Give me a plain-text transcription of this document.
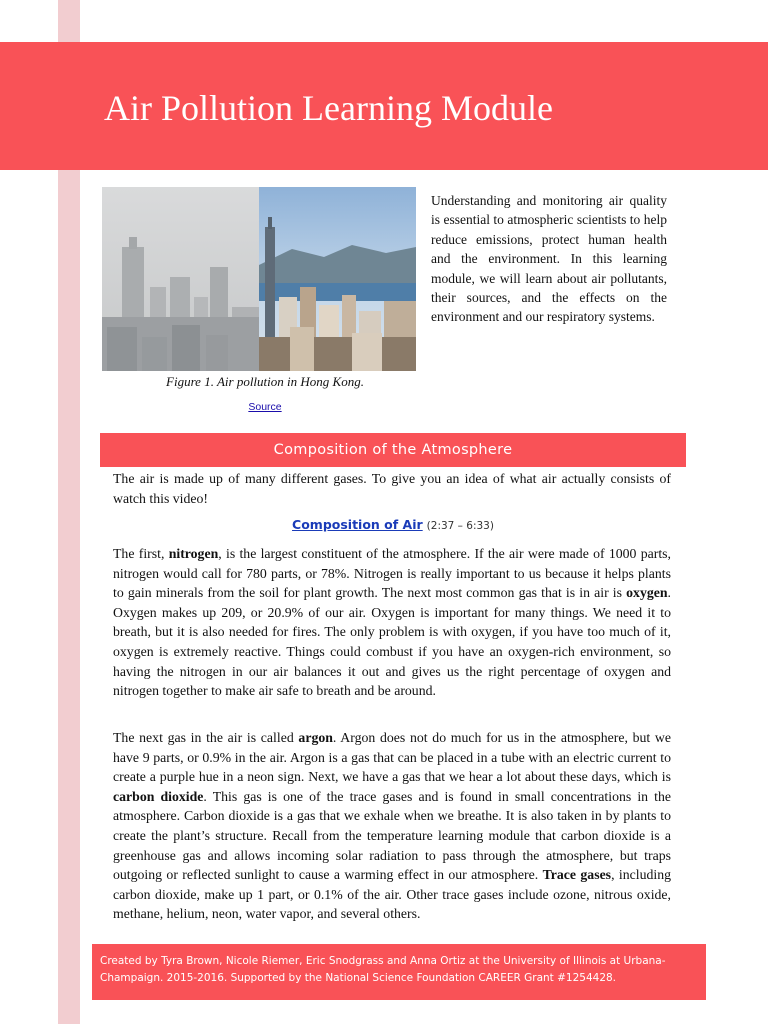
Air Pollution Learning Module
Figure 1. Air pollution in Hong Kong.
Source
Understanding and monitoring air quality is essential to atmospheric scientists to help reduce emissions, protect human health and the environment. In this learning module, we will learn about air pollutants, their sources, and the effects on the environment and our respiratory systems.
Composition of the Atmosphere
The air is made up of many different gases. To give you an idea of what air actually consists of watch this video!
Composition of Air (2:37 – 6:33)
The first, nitrogen, is the largest constituent of the atmosphere. If the air were made of 1000 parts, nitrogen would call for 780 parts, or 78%. Nitrogen is really important to us because it helps plants to gain minerals from the soil for plant growth. The next most common gas that is in air is oxygen. Oxygen makes up 209, or 20.9% of our air. Oxygen is important for many things. We need it to breath, but it is also needed for fires. The only problem is with oxygen, if you have too much of it, oxygen is extremely reactive. Things could combust if you have an oxygen-rich environment, so having the nitrogen in our air balances it out and gives us the right percentage of oxygen and nitrogen together to make air safe to breath and be around.
The next gas in the air is called argon. Argon does not do much for us in the atmosphere, but we have 9 parts, or 0.9% in the air. Argon is a gas that can be placed in a tube with an electric current to create a purple hue in a neon sign. Next, we have a gas that we hear a lot about these days, which is carbon dioxide. This gas is one of the trace gases and is found in small concentrations in the atmosphere. Carbon dioxide is a gas that we exhale when we breathe. It is also taken in by plants to create the plant’s structure. Recall from the temperature learning module that carbon dioxide is a greenhouse gas and allows incoming solar radiation to pass through the atmosphere, but traps outgoing or reflected sunlight to cause a warming effect in our atmosphere. Trace gases, including carbon dioxide, make up 1 part, or 0.1% of the air. Other trace gases include ozone, nitrous oxide, methane, helium, neon, water vapor, and several others.
Created by Tyra Brown, Nicole Riemer, Eric Snodgrass and Anna Ortiz at the University of Illinois at Urbana-Champaign. 2015-2016. Supported by the National Science Foundation CAREER Grant #1254428.
